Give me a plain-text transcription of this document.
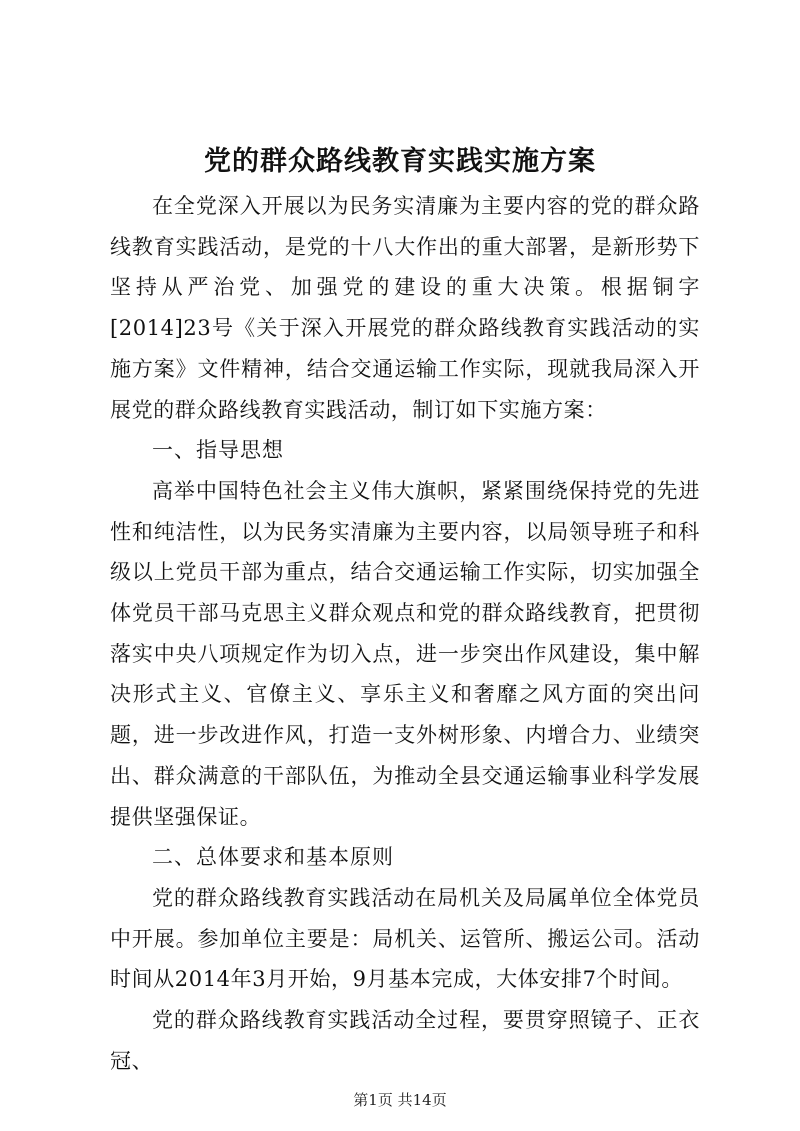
党的群众路线教育实践实施方案

在全党深入开展以为民务实清廉为主要内容的党的群众路线教育实践活动，是党的十八大作出的重大部署，是新形势下坚持从严治党、加强党的建设的重大决策。根据铜字[2014]23号《关于深入开展党的群众路线教育实践活动的实施方案》文件精神，结合交通运输工作实际，现就我局深入开展党的群众路线教育实践活动，制订如下实施方案：

一、指导思想

高举中国特色社会主义伟大旗帜，紧紧围绕保持党的先进性和纯洁性，以为民务实清廉为主要内容，以局领导班子和科级以上党员干部为重点，结合交通运输工作实际，切实加强全体党员干部马克思主义群众观点和党的群众路线教育，把贯彻落实中央八项规定作为切入点，进一步突出作风建设，集中解决形式主义、官僚主义、享乐主义和奢靡之风方面的突出问题，进一步改进作风，打造一支外树形象、内增合力、业绩突出、群众满意的干部队伍，为推动全县交通运输事业科学发展提供坚强保证。

二、总体要求和基本原则

党的群众路线教育实践活动在局机关及局属单位全体党员中开展。参加单位主要是：局机关、运管所、搬运公司。活动时间从2014年3月开始，9月基本完成，大体安排7个时间。

党的群众路线教育实践活动全过程，要贯穿照镜子、正衣冠、

第1页 共14页
